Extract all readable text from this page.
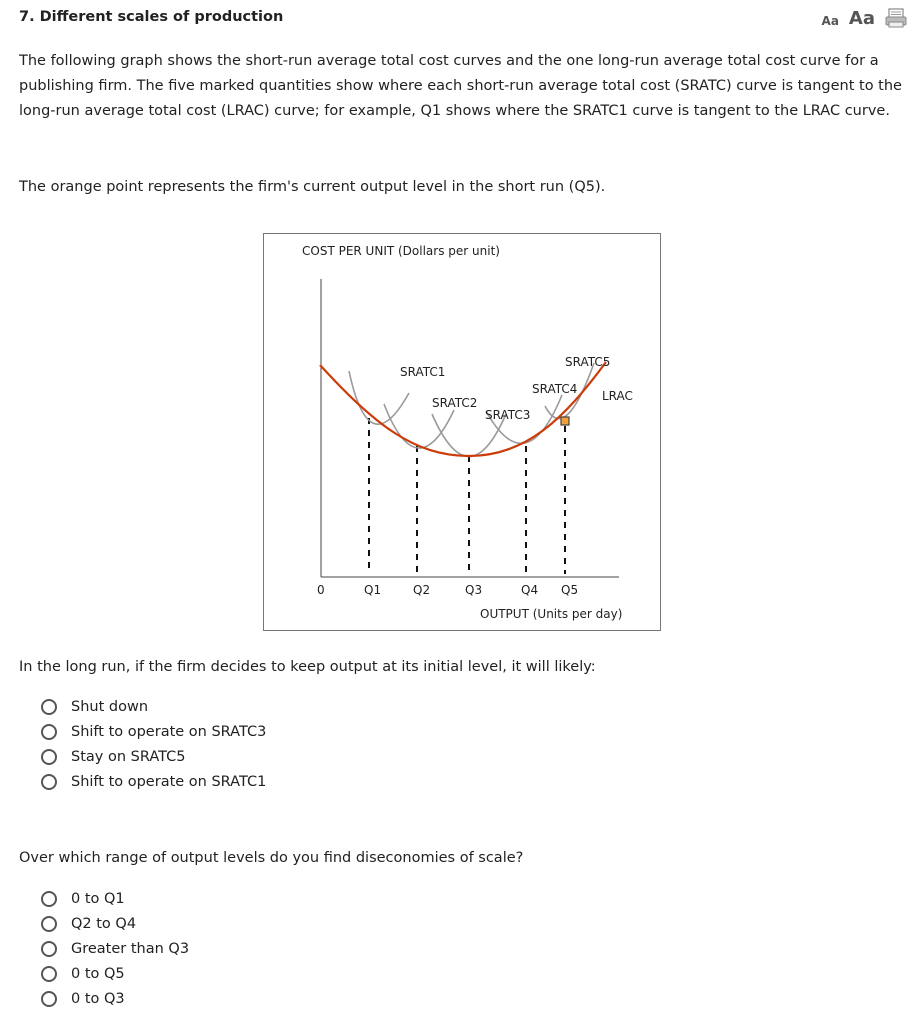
7. Different scales of production	Aa Aa

The following graph shows the short-run average total cost curves and the one long-run average total cost curve for a publishing firm. The five marked quantities show where each short-run average total cost (SRATC) curve is tangent to the long-run average total cost (LRAC) curve; for example, Q1 shows where the SRATC1 curve is tangent to the LRAC curve.

The orange point represents the firm's current output level in the short run (Q5).

COST PER UNIT (Dollars per unit)
SRATC1
SRATC2
SRATC3
SRATC4
SRATC5
LRAC
0	Q1	Q2	Q3	Q4 Q5
OUTPUT (Units per day)

In the long run, if the firm decides to keep output at its initial level, it will likely:

Shut down
Shift to operate on SRATC3
Stay on SRATC5
Shift to operate on SRATC1

Over which range of output levels do you find diseconomies of scale?

0 to Q1
Q2 to Q4
Greater than Q3
0 to Q5
0 to Q3
